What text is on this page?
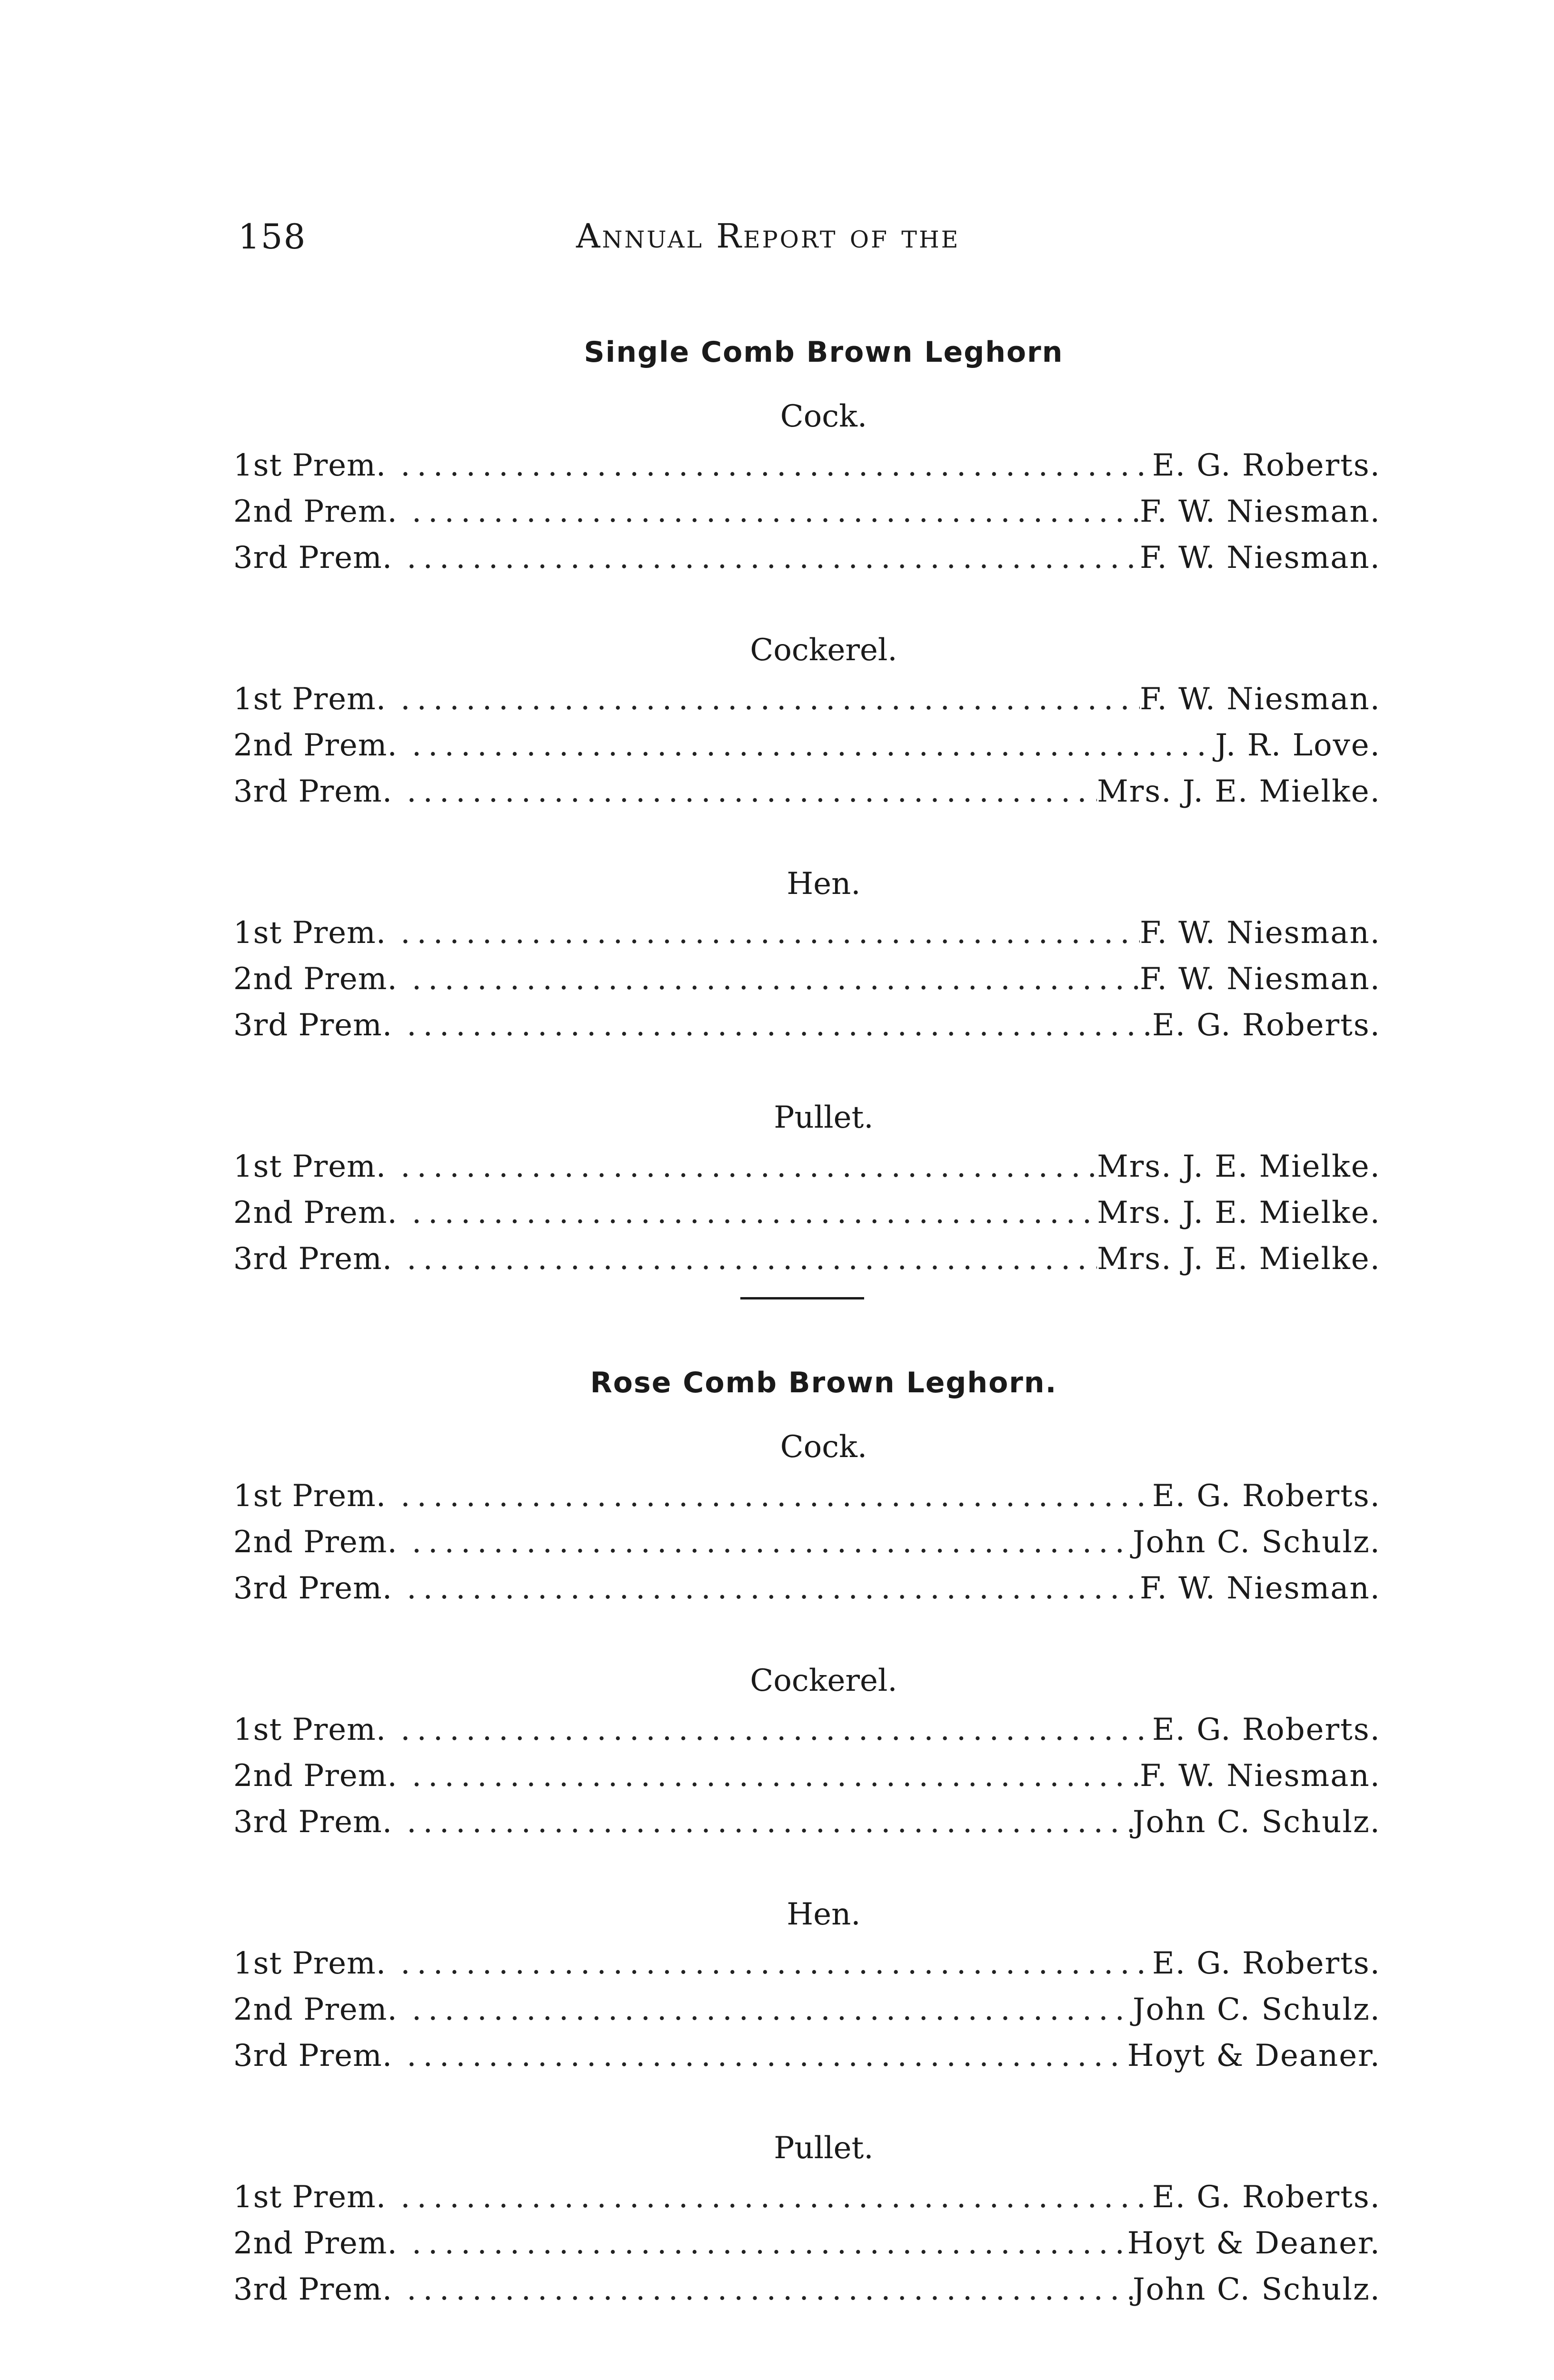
158	Annual Report of the
Single Comb Brown Leghorn
Cock.
1st Prem. .....	E. G. Roberts.
2nd Prem. .....	F. W. Niesman.
3rd Prem. .....	F. W. Niesman.
Cockerel.
1st Prem. .....	F. W. Niesman.
2nd Prem. .....	J. R. Love.
3rd Prem. .....	Mrs. J. E. Mielke.
Hen.
1st Prem. .....	F. W. Niesman.
2nd Prem. .....	F. W. Niesman.
3rd Prem. .....	E. G. Roberts.
Pullet.
1st Prem. .....	Mrs. J. E. Mielke.
2nd Prem. .....	Mrs. J. E. Mielke.
3rd Prem. .....	Mrs. J. E. Mielke.
Rose Comb Brown Leghorn.
Cock.
1st Prem. .....	E. G. Roberts.
2nd Prem. .....	John C. Schulz.
3rd Prem. .....	F. W. Niesman.
Cockerel.
1st Prem. .....	E. G. Roberts.
2nd Prem. .....	F. W. Niesman.
3rd Prem. .....	John C. Schulz.
Hen.
1st Prem. .....	E. G. Roberts.
2nd Prem. .....	John C. Schulz.
3rd Prem. .....	Hoyt & Deaner.
Pullet.
1st Prem. .....	E. G. Roberts.
2nd Prem. .....	Hoyt & Deaner.
3rd Prem. .....	John C. Schulz.
